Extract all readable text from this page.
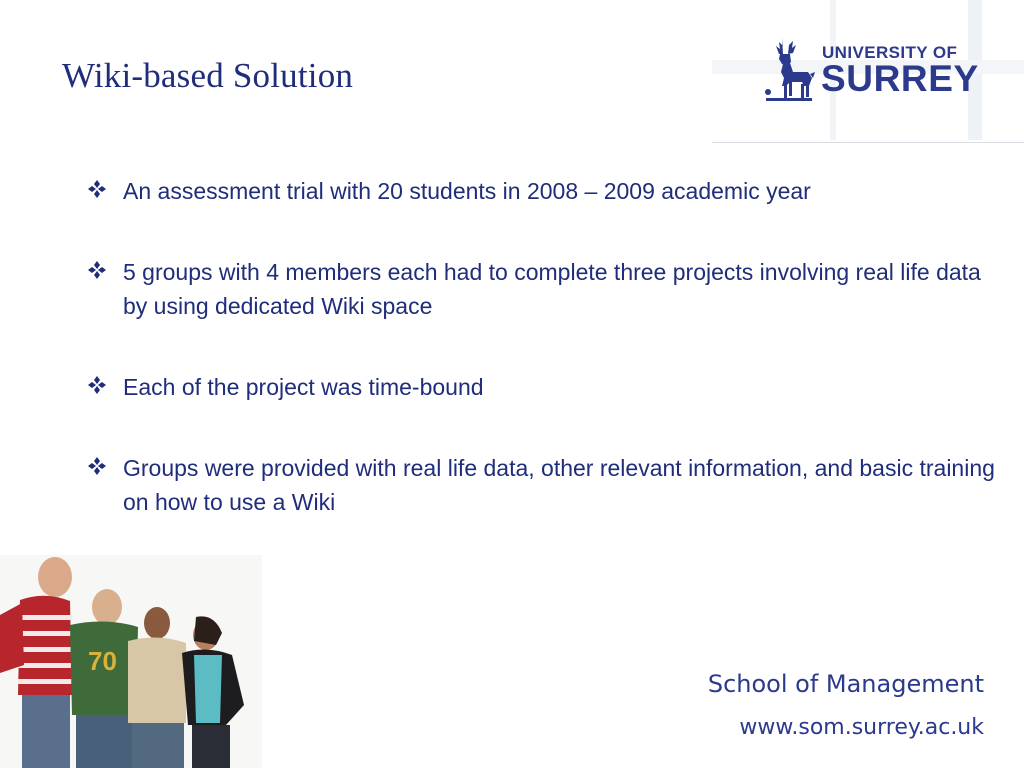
Wiki-based Solution
UNIVERSITY OF
SURREY
An assessment trial with 20 students in 2008 – 2009 academic year
5 groups with 4 members each had to complete three projects involving real life data by using dedicated Wiki space
Each of the project was time-bound
Groups were provided with real life data, other relevant information, and basic training on how to use a Wiki
70
School of Management
www.som.surrey.ac.uk
